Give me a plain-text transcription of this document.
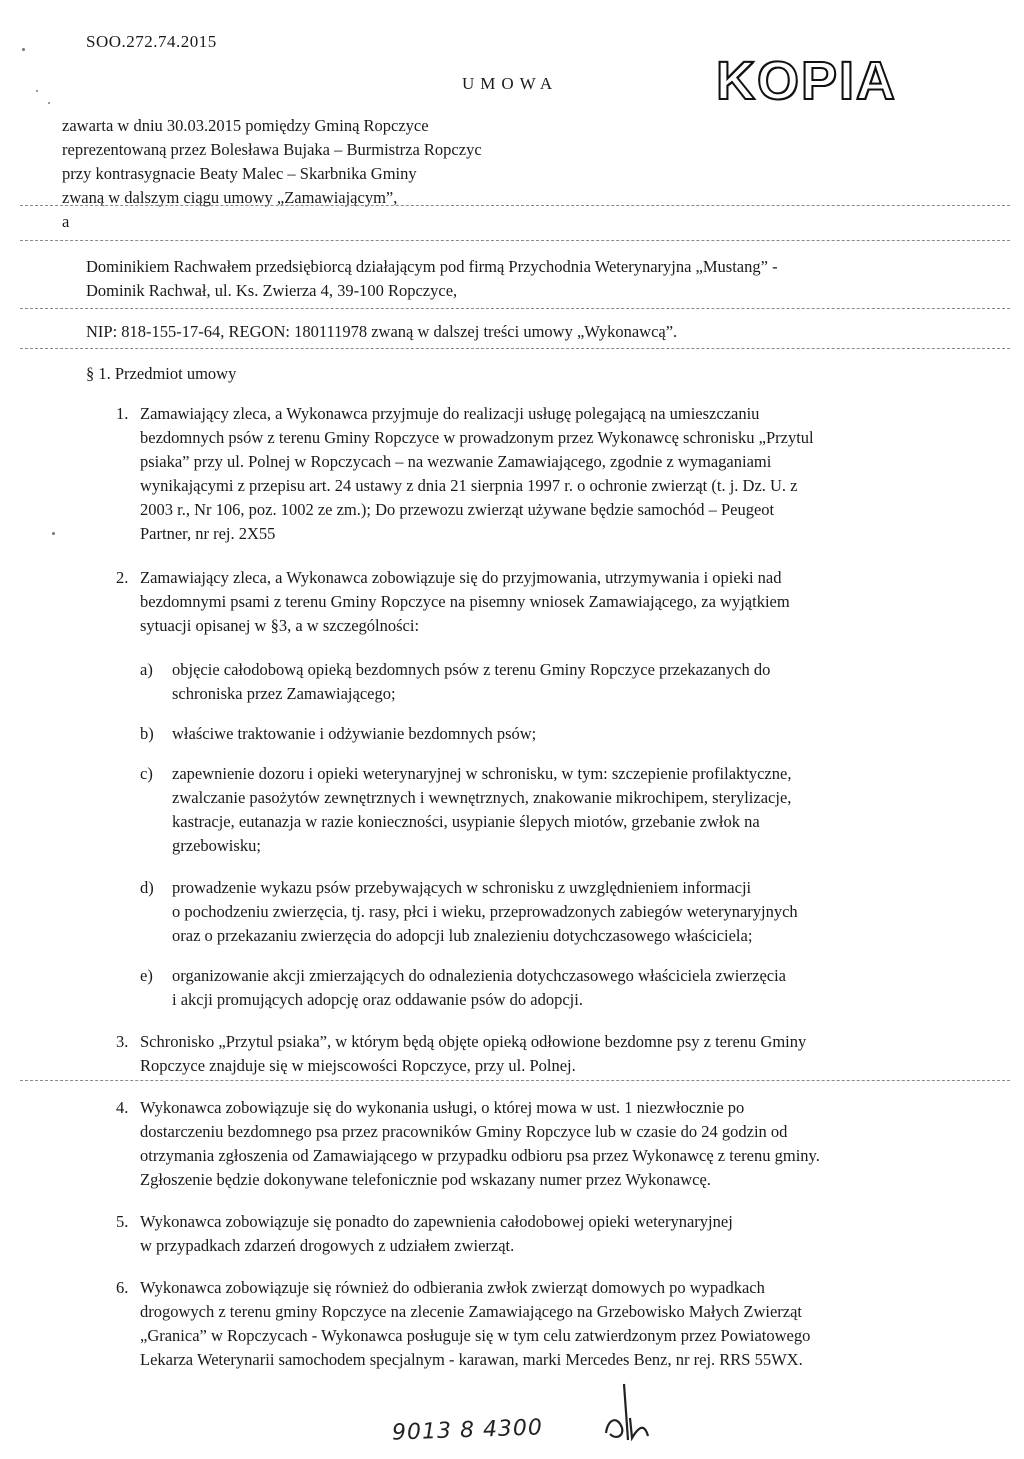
SOO.272.74.2015
UMOWA	KOPIA
zawarta w dniu 30.03.2015 pomiędzy Gminą Ropczyce
reprezentowaną przez Bolesława Bujaka – Burmistrza Ropczyc
przy kontrasygnacie Beaty Malec – Skarbnika Gminy
zwaną w dalszym ciągu umowy „Zamawiającym”,
a
Dominikiem Rachwałem przedsiębiorcą działającym pod firmą Przychodnia Weterynaryjna „Mustang” -
Dominik Rachwał, ul. Ks. Zwierza 4, 39-100 Ropczyce,
NIP: 818-155-17-64, REGON: 180111978 zwaną w dalszej treści umowy „Wykonawcą”.
§ 1. Przedmiot umowy
1. Zamawiający zleca, a Wykonawca przyjmuje do realizacji usługę polegającą na umieszczaniu
bezdomnych psów z terenu Gminy Ropczyce w prowadzonym przez Wykonawcę schronisku „Przytul
psiaka” przy ul. Polnej w Ropczycach – na wezwanie Zamawiającego, zgodnie z wymaganiami
wynikającymi z przepisu art. 24 ustawy z dnia 21 sierpnia 1997 r. o ochronie zwierząt (t. j. Dz. U. z
2003 r., Nr 106, poz. 1002 ze zm.); Do przewozu zwierząt używane będzie samochód – Peugeot
Partner, nr rej. 2X55
2. Zamawiający zleca, a Wykonawca zobowiązuje się do przyjmowania, utrzymywania i opieki nad
bezdomnymi psami z terenu Gminy Ropczyce na pisemny wniosek Zamawiającego, za wyjątkiem
sytuacji opisanej w §3, a w szczególności:
a) objęcie całodobową opieką bezdomnych psów z terenu Gminy Ropczyce przekazanych do
schroniska przez Zamawiającego;
b) właściwe traktowanie i odżywianie bezdomnych psów;
c) zapewnienie dozoru i opieki weterynaryjnej w schronisku, w tym: szczepienie profilaktyczne,
zwalczanie pasożytów zewnętrznych i wewnętrznych, znakowanie mikrochipem, sterylizacje,
kastracje, eutanazja w razie konieczności, usypianie ślepych miotów, grzebanie zwłok na
grzebowisku;
d) prowadzenie wykazu psów przebywających w schronisku z uwzględnieniem informacji
o pochodzeniu zwierzęcia, tj. rasy, płci i wieku, przeprowadzonych zabiegów weterynaryjnych
oraz o przekazaniu zwierzęcia do adopcji lub znalezieniu dotychczasowego właściciela;
e) organizowanie akcji zmierzających do odnalezienia dotychczasowego właściciela zwierzęcia
i akcji promujących adopcję oraz oddawanie psów do adopcji.
3. Schronisko „Przytul psiaka”, w którym będą objęte opieką odłowione bezdomne psy z terenu Gminy
Ropczyce znajduje się w miejscowości Ropczyce, przy ul. Polnej.
4. Wykonawca zobowiązuje się do wykonania usługi, o której mowa w ust. 1 niezwłocznie po
dostarczeniu bezdomnego psa przez pracowników Gminy Ropczyce lub w czasie do 24 godzin od
otrzymania zgłoszenia od Zamawiającego w przypadku odbioru psa przez Wykonawcę z terenu gminy.
Zgłoszenie będzie dokonywane telefonicznie pod wskazany numer przez Wykonawcę.
5. Wykonawca zobowiązuje się ponadto do zapewnienia całodobowej opieki weterynaryjnej
w przypadkach zdarzeń drogowych z udziałem zwierząt.
6. Wykonawca zobowiązuje się również do odbierania zwłok zwierząt domowych po wypadkach
drogowych z terenu gminy Ropczyce na zlecenie Zamawiającego na Grzebowisko Małych Zwierząt
„Granica” w Ropczycach - Wykonawca posługuje się w tym celu zatwierdzonym przez Powiatowego
Lekarza Weterynarii samochodem specjalnym - karawan, marki Mercedes Benz, nr rej. RRS 55WX.
9013 8 4300
